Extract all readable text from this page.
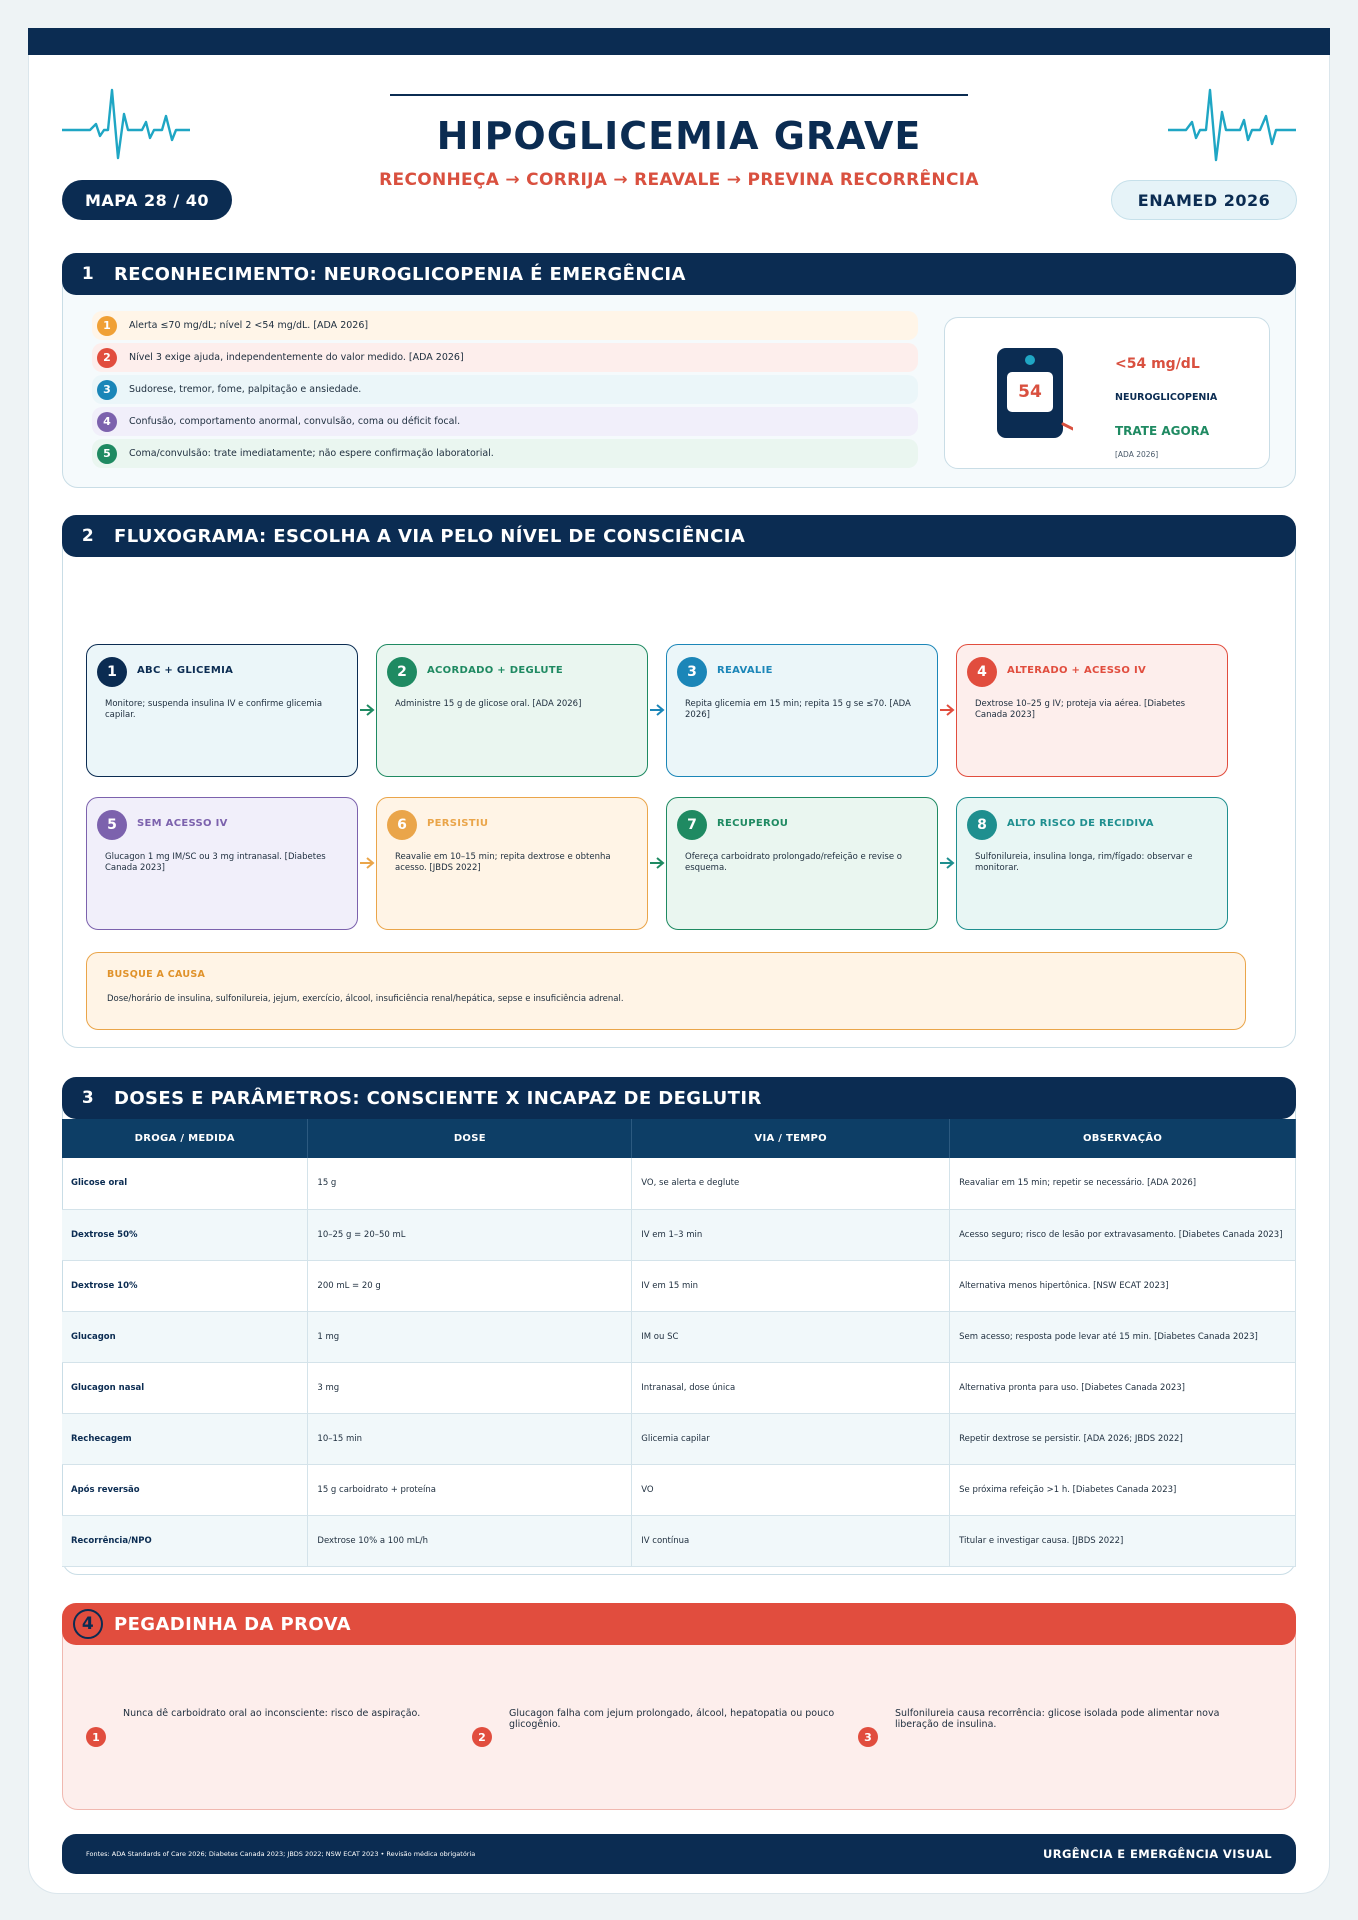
HIPOGLICEMIA GRAVE
RECONHEÇA → CORRIJA → REAVALE → PREVINA RECORRÊNCIA
MAPA 28 / 40	ENAMED 2026
1	RECONHECIMENTO: NEUROGLICOPENIA É EMERGÊNCIA
1	Alerta ≤70 mg/dL; nível 2 <54 mg/dL. [ADA 2026]
2	Nível 3 exige ajuda, independentemente do valor medido. [ADA 2026]
3	Sudorese, tremor, fome, palpitação e ansiedade.
4	Confusão, comportamento anormal, convulsão, coma ou déficit focal.
5	Coma/convulsão: trate imediatamente; não espere confirmação laboratorial.
54
<54 mg/dL
NEUROGLICOPENIA
TRATE AGORA
[ADA 2026]
2	FLUXOGRAMA: ESCOLHA A VIA PELO NÍVEL DE CONSCIÊNCIA
1	ABC + GLICEMIA
Monitore; suspenda insulina IV e confirme glicemia capilar.
2	ACORDADO + DEGLUTE
Administre 15 g de glicose oral. [ADA 2026]
3	REAVALIE
Repita glicemia em 15 min; repita 15 g se ≤70. [ADA 2026]
4	ALTERADO + ACESSO IV
Dextrose 10–25 g IV; proteja via aérea. [Diabetes Canada 2023]
5	SEM ACESSO IV
Glucagon 1 mg IM/SC ou 3 mg intranasal. [Diabetes Canada 2023]
6	PERSISTIU
Reavalie em 10–15 min; repita dextrose e obtenha acesso. [JBDS 2022]
7	RECUPEROU
Ofereça carboidrato prolongado/refeição e revise o esquema.
8	ALTO RISCO DE RECIDIVA
Sulfonilureia, insulina longa, rim/fígado: observar e monitorar.
BUSQUE A CAUSA
Dose/horário de insulina, sulfonilureia, jejum, exercício, álcool, insuficiência renal/hepática, sepse e insuficiência adrenal.
3	DOSES E PARÂMETROS: CONSCIENTE X INCAPAZ DE DEGLUTIR
DROGA / MEDIDA	DOSE	VIA / TEMPO	OBSERVAÇÃO
Glicose oral	15 g	VO, se alerta e deglute	Reavaliar em 15 min; repetir se necessário. [ADA 2026]
Dextrose 50%	10–25 g = 20–50 mL	IV em 1–3 min	Acesso seguro; risco de lesão por extravasamento. [Diabetes Canada 2023]
Dextrose 10%	200 mL = 20 g	IV em 15 min	Alternativa menos hipertônica. [NSW ECAT 2023]
Glucagon	1 mg	IM ou SC	Sem acesso; resposta pode levar até 15 min. [Diabetes Canada 2023]
Glucagon nasal	3 mg	Intranasal, dose única	Alternativa pronta para uso. [Diabetes Canada 2023]
Rechecagem	10–15 min	Glicemia capilar	Repetir dextrose se persistir. [ADA 2026; JBDS 2022]
Após reversão	15 g carboidrato + proteína	VO	Se próxima refeição >1 h. [Diabetes Canada 2023]
Recorrência/NPO	Dextrose 10% a 100 mL/h	IV contínua	Titular e investigar causa. [JBDS 2022]
4	PEGADINHA DA PROVA
1
Nunca dê carboidrato oral ao inconsciente: risco de aspiração.
2
Glucagon falha com jejum prolongado, álcool, hepatopatia ou pouco glicogênio.
3
Sulfonilureia causa recorrência: glicose isolada pode alimentar nova liberação de insulina.
Fontes: ADA Standards of Care 2026; Diabetes Canada 2023; JBDS 2022; NSW ECAT 2023 • Revisão médica obrigatória	URGÊNCIA E EMERGÊNCIA VISUAL
